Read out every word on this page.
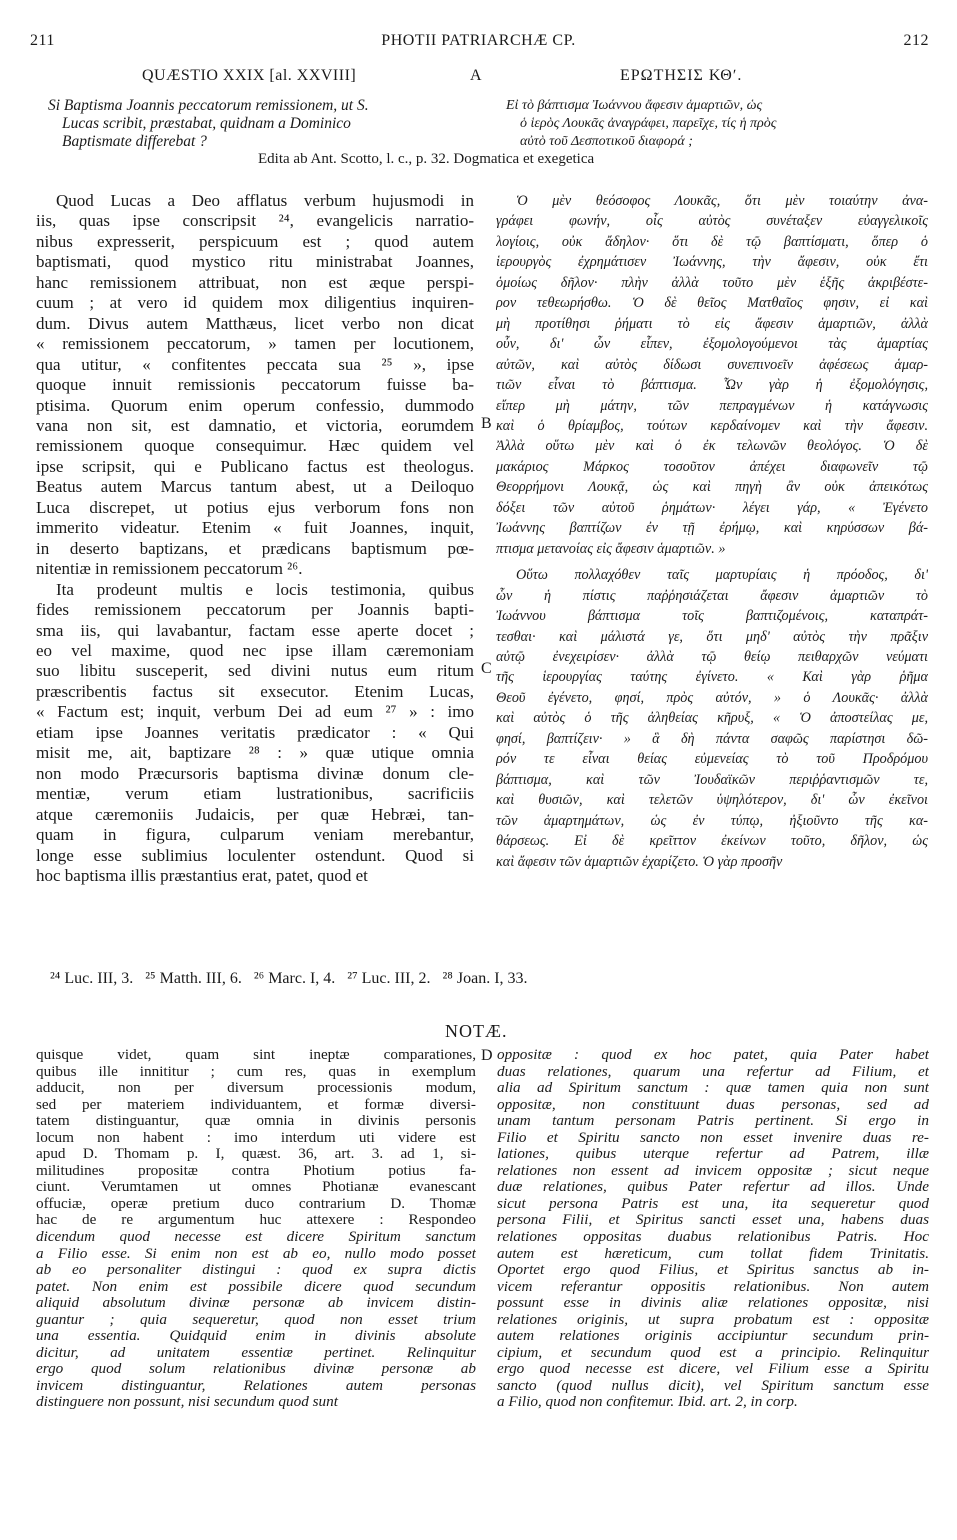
211	PHOTII PATRIARCHÆ CP.	212
QUÆSTIO XXIX [al. XXVIII]	A	ΕΡΩΤΗΣΙΣ ΚΘʹ.
Si Baptisma Joannis peccatorum remissionem, ut S.
Lucas scribit, præstabat, quidnam a Dominico
Baptismate differebat ?
Εἰ τὸ βάπτισμα Ἰωάννου ἄφεσιν ἁμαρτιῶν, ὡς
ὁ ἱερὸς Λουκᾶς ἀναγράφει, παρεῖχε, τίς ἡ πρὸς
αὐτὸ τοῦ Δεσποτικοῦ διαφορά ;
Edita ab Ant. Scotto, l. c., p. 32. Dogmatica et exegetica

Quod Lucas a Deo afflatus verbum hujusmodi in
iis, quas ipse conscripsit ²⁴, evangelicis narratio-
nibus expresserit, perspicuum est ; quod autem
baptismati, quod mystico ritu ministrabat Joannes,
hanc remissionem attribuat, non est æque perspi-
cuum ; at vero id quidem mox diligentius inquiren-
dum. Divus autem Matthæus, licet verbo non dicat
« remissionem peccatorum, » tamen per locutionem,
qua utitur, « confitentes peccata sua ²⁵ », ipse
quoque innuit remissionis peccatorum fuisse ba-
ptisima. Quorum enim operum confessio, dummodo
vana non sit, est damnatio, et victoria, eorumdem
remissionem quoque consequimur. Hæc quidem vel
ipse scripsit, qui e Publicano factus est theologus.
Beatus autem Marcus tantum abest, ut a Deiloquo
Luca discrepet, ut potius ejus verborum fons non
immerito videatur. Etenim « fuit Joannes, inquit,
in deserto baptizans, et prædicans baptismum pœ-
nitentiæ in remissionem peccatorum ²⁶.

Ita prodeunt multis e locis testimonia, quibus
fides remissionem peccatorum per Joannis bapti-
sma iis, qui lavabantur, factam esse aperte docet ;
eo vel maxime, quod nec ipse illam cæremoniam
suo libitu susceperit, sed divini nutus eum ritum
præscribentis factus sit exsecutor. Etenim Lucas,
« Factum est; inquit, verbum Dei ad eum ²⁷ » : imo
etiam ipse Joannes veritatis prædicator : « Qui
misit me, ait, baptizare ²⁸ : » quæ utique omnia
non modo Præcursoris baptisma divinæ donum cle-
mentiæ, verum etiam lustrationibus, sacrificiis
atque cæremoniis Judaicis, per quæ Hebræi, tan-
quam in figura, culparum veniam merebantur,
longe esse sublimius loculenter ostendunt. Quod si
hoc baptisma illis præstantius erat, patet, quod et

Ὁ μὲν θεόσοφος Λουκᾶς, ὅτι μὲν τοιαύτην ἀνα-
γράφει φωνήν, οἷς αὐτὸς συνέταξεν εὐαγγελικοῖς
λογίοις, οὐκ ἄδηλον· ὅτι δὲ τῷ βαπτίσματι, ὅπερ ὁ
ἱερουργὸς ἐχρημάτισεν Ἰωάννης, τὴν ἄφεσιν, οὐκ ἔτι
ὁμοίως δῆλον· πλὴν ἀλλὰ τοῦτο μὲν ἑξῆς ἀκριβέστε-
ρον τεθεωρήσθω. Ὁ δὲ θεῖος Ματθαῖος φησιν, εἰ καὶ
μὴ προτίθησι ῥήματι τὸ εἰς ἄφεσιν ἁμαρτιῶν, ἀλλὰ
οὖν, δι' ὧν εἶπεν, ἐξομολογούμενοι τὰς ἁμαρτίας
αὐτῶν, καὶ αὐτὸς δίδωσι συνεπινοεῖν ἀφέσεως ἁμαρ-
τιῶν εἶναι τὸ βάπτισμα. Ὧν γὰρ ἡ ἐξομολόγησις,
εἴπερ μὴ μάτην, τῶν πεπραγμένων ἡ κατάγνωσις
καὶ ὁ θρίαμβος, τούτων κερδαίνομεν καὶ τὴν ἄφεσιν.
Ἀλλὰ οὕτω μὲν καὶ ὁ ἐκ τελωνῶν θεολόγος. Ὁ δὲ
μακάριος Μάρκος τοσοῦτον ἀπέχει διαφωνεῖν τῷ
Θεορρήμονι Λουκᾷ, ὡς καὶ πηγὴ ἂν οὐκ ἀπεικότως
δόξει τῶν αὐτοῦ ῥημάτων· λέγει γάρ, « Ἐγένετο
Ἰωάννης βαπτίζων ἐν τῇ ἐρήμῳ, καὶ κηρύσσων βά-
πτισμα μετανοίας εἰς ἄφεσιν ἁμαρτιῶν. »

Οὕτω πολλαχόθεν ταῖς μαρτυρίαις ἡ πρόοδος, δι'
ὧν ἡ πίστις παῤῥησιάζεται ἄφεσιν ἁμαρτιῶν τὸ
Ἰωάννου βάπτισμα τοῖς βαπτιζομένοις, καταπράτ-
τεσθαι· καὶ μάλιστά γε, ὅτι μηδ' αὐτὸς τὴν πρᾶξιν
αὐτῷ ἐνεχειρίσεν· ἀλλὰ τῷ θείῳ πειθαρχῶν νεύματι
τῆς ἱερουργίας ταύτης ἐγίνετο. « Καὶ γὰρ ῥῆμα
Θεοῦ ἐγένετο, φησί, πρὸς αὐτόν, » ὁ Λουκᾶς· ἀλλὰ
καὶ αὐτὸς ὁ τῆς ἀληθείας κῆρυξ, « Ὁ ἀποστείλας με,
φησί, βαπτίζειν· » ἃ δὴ πάντα σαφῶς παρίστησι δῶ-
ρόν τε εἶναι θείας εὐμενείας τὸ τοῦ Προδρόμου
βάπτισμα, καὶ τῶν Ἰουδαϊκῶν περιῤῥαντισμῶν τε,
καὶ θυσιῶν, καὶ τελετῶν ὑψηλότερον, δι' ὧν ἐκεῖνοι
τῶν ἁμαρτημάτων, ὡς ἐν τύπῳ, ἠξιοῦντο τῆς κα-
θάρσεως. Εἰ δὲ κρεῖττον ἐκείνων τοῦτο, δῆλον, ὡς
καὶ ἄφεσιν τῶν ἁμαρτιῶν ἐχαρίζετο. Ὁ γὰρ προσῆν

B
C
D
²⁴ Luc. III, 3.   ²⁵ Matth. III, 6.   ²⁶ Marc. I, 4.   ²⁷ Luc. III, 2.   ²⁸ Joan. I, 33.
NOTÆ.
quisque videt, quam sint ineptæ comparationes,
quibus ille innititur ; cum res, quas in exemplum
adducit, non per diversum processionis modum,
sed per materiem individuantem, et formæ diversi-
tatem distinguantur, quæ omnia in divinis personis
locum non habent : imo interdum uti videre est
apud D. Thomam p. I, quæst. 36, art. 3. ad 1, si-
militudines propositæ contra Photium potius fa-
ciunt. Verumtamen ut omnes Photianæ evanescant
offuciæ, operæ pretium duco contrarium D. Thomæ
hac de re argumentum huc attexere : Respondeo
dicendum quod necesse est dicere Spiritum sanctum
a Filio esse. Si enim non est ab eo, nullo modo posset
ab eo personaliter distingui : quod ex supra dictis
patet. Non enim est possibile dicere quod secundum
aliquid absolutum divinæ personæ ab invicem distin-
guantur ; quia sequeretur, quod non esset trium
una essentia. Quidquid enim in divinis absolute
dicitur, ad unitatem essentiæ pertinet. Relinquitur
ergo quod solum relationibus divinæ personæ ab
invicem distinguantur, Relationes autem personas
distinguere non possunt, nisi secundum quod sunt
oppositæ : quod ex hoc patet, quia Pater habet
duas relationes, quarum una refertur ad Filium, et
alia ad Spiritum sanctum : quæ tamen quia non sunt
oppositæ, non constituunt duas personas, sed ad
unam tantum personam Patris pertinent. Si ergo in
Filio et Spiritu sancto non esset invenire duas re-
lationes, quibus uterque refertur ad Patrem, illæ
relationes non essent ad invicem oppositæ ; sicut neque
duæ relationes, quibus Pater refertur ad illos. Unde
sicut persona Patris est una, ita sequeretur quod
persona Filii, et Spiritus sancti esset una, habens duas
relationes oppositas duabus relationibus Patris. Hoc
autem est hæreticum, cum tollat fidem Trinitatis.
Oportet ergo quod Filius, et Spiritus sanctus ab in-
vicem referantur oppositis relationibus. Non autem
possunt esse in divinis aliæ relationes oppositæ, nisi
relationes originis, ut supra probatum est : oppositæ
autem relationes originis accipiuntur secundum prin-
cipium, et secundum quod est a principio. Relinquitur
ergo quod necesse est dicere, vel Filium esse a Spiritu
sancto (quod nullus dicit), vel Spiritum sanctum esse
a Filio, quod non confitemur. Ibid. art. 2, in corp.
